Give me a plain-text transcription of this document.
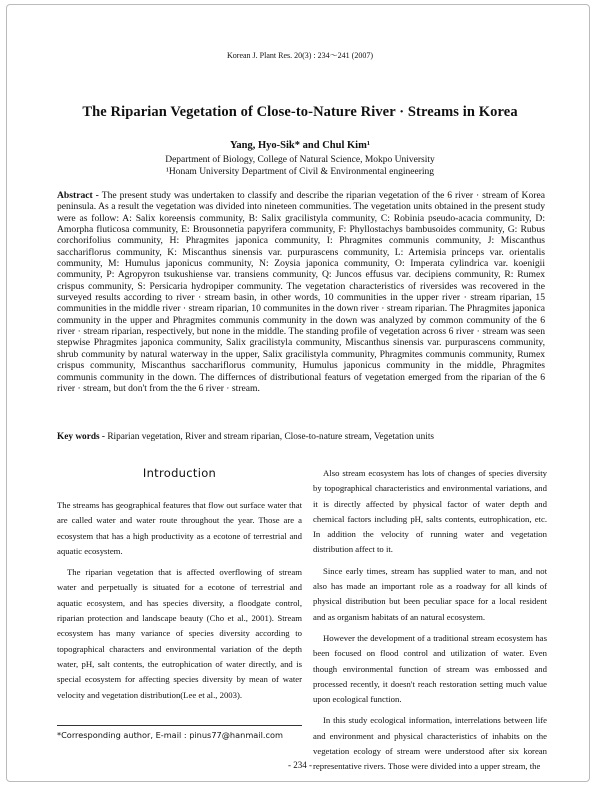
Korean J. Plant Res. 20(3) : 234～241 (2007)
The Riparian Vegetation of Close-to-Nature River · Streams in Korea
Yang, Hyo-Sik* and Chul Kim¹
Department of Biology, College of Natural Science, Mokpo University
¹Honam University Department of Civil & Environmental engineering
Abstract - The present study was undertaken to classify and describe the riparian vegetation of the 6 river · stream of Korea peninsula. As a result the vegetation was divided into nineteen communities. The vegetation units obtained in the present study were as follow: A: Salix koreensis community, B: Salix gracilistyla community, C: Robinia pseudo-acacia community, D: Amorpha fluticosa community, E: Brousonnetia papyrifera community, F: Phyllostachys bambusoides community, G: Rubus corchorifolius community, H: Phragmites japonica community, I: Phragmites communis community, J: Miscanthus sacchariflorus community, K: Miscanthus sinensis var. purpurascens community, L: Artemisia princeps var. orientalis community, M: Humulus japonicus community, N: Zoysia japonica community, O: Imperata cylindrica var. koenigii community, P: Agropyron tsukushiense var. transiens community, Q: Juncos effusus var. decipiens community, R: Rumex crispus community, S: Persicaria hydropiper community. The vegetation characteristics of riversides was recovered in the surveyed results according to river · stream basin, in other words, 10 communities in the upper river · stream riparian, 15 communities in the middle river · stream riparian, 10 communites in the down river · stream riparian. The Phragmites japonica community in the upper and Phragmites communis community in the down was analyzed by common community of the 6 river · stream riparian, respectively, but none in the middle. The standing profile of vegetation across 6 river · stream was seen stepwise Phragmites japonica community, Salix gracilistyla community, Miscanthus sinensis var. purpurascens community, shrub community by natural waterway in the upper, Salix gracilistyla community, Phragmites communis community, Rumex crispus community, Miscanthus sacchariflorus community, Humulus japonicus community in the middle, Phragmites communis community in the down. The differnces of distributional featurs of vegetation emerged from the riparian of the 6 river · stream, but don't from the the 6 river · stream.
Key words - Riparian vegetation, River and stream riparian, Close-to-nature stream, Vegetation units
Introduction

The streams has geographical features that flow out surface water that are called water and water route throughout the year. Those are a ecosystem that has a high productivity as a ecotone of terrestrial and aquatic ecosystem.

The riparian vegetation that is affected overflowing of stream water and perpetually is situated for a ecotone of terrestrial and aquatic ecosystem, and has species diversity, a floodgate control, riparian protection and landscape beauty (Cho et al., 2001). Stream ecosystem has many variance of species diversity according to topographical characters and environmental variation of the depth water, pH, salt contents, the eutrophication of water directly, and is special ecosystem for affecting species diversity by mean of water velocity and vegetation distribution(Lee et al., 2003).

Also stream ecosystem has lots of changes of species diversity by topographical characteristics and environmental variations, and it is directly affected by physical factor of water depth and chemical factors including pH, salts contents, eutrophication, etc. In addition the velocity of running water and vegetation distribution affect to it.

Since early times, stream has supplied water to man, and not also has made an important role as a roadway for all kinds of physical distribution but been peculiar space for a local resident and as organism habitats of an natural ecosystem.

However the development of a traditional stream ecosystem has been focused on flood control and utilization of water. Even though environmental function of stream was embossed and processed recently, it doesn't reach restoration setting much value upon ecological function.

In this study ecological information, interrelations between life and environment and physical characteristics of inhabits on the vegetation ecology of stream were understood after six korean representative rivers. Those were divided into a upper stream, the

*Corresponding author, E-mail : pinus77@hanmail.com
- 234 -
